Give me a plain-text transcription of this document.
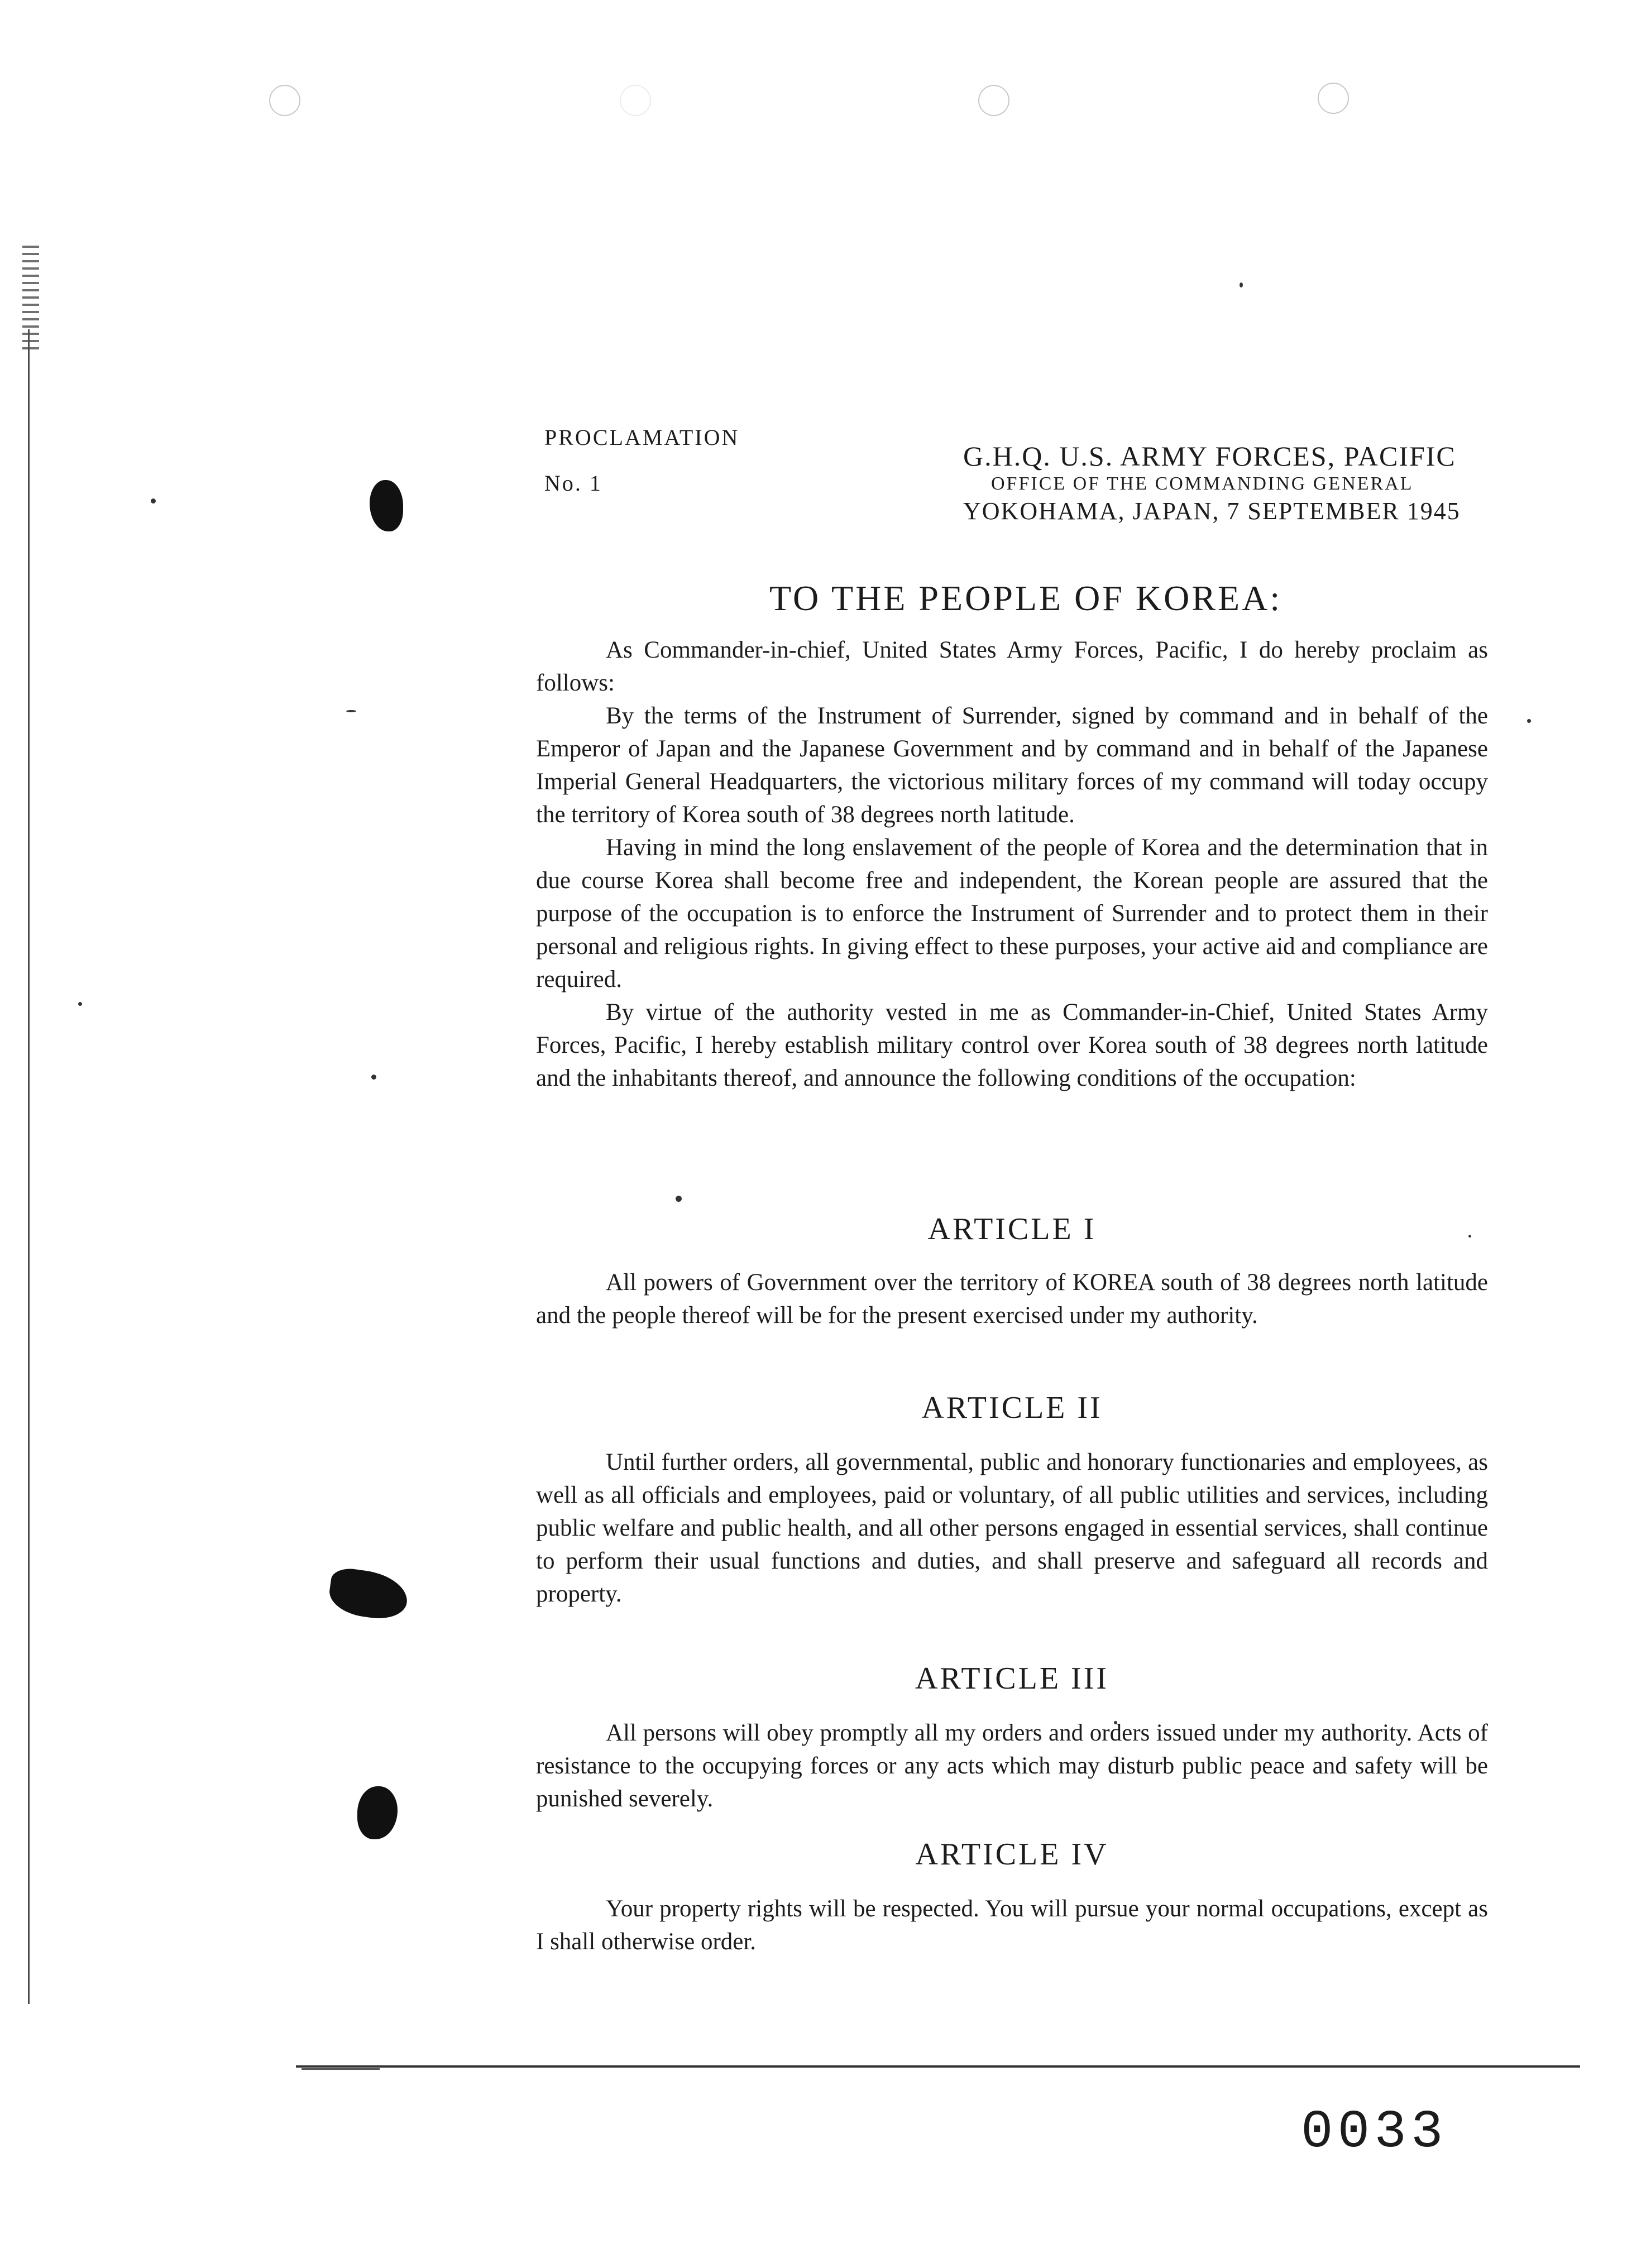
PROCLAMATION
No. 1
G.H.Q. U.S. ARMY FORCES, PACIFIC
OFFICE OF THE COMMANDING GENERAL
YOKOHAMA, JAPAN, 7 SEPTEMBER 1945
TO THE PEOPLE OF KOREA:

As Commander-in-chief, United States Army Forces, Pacific, I do hereby proclaim as follows:

By the terms of the Instrument of Surrender, signed by command and in behalf of the Emperor of Japan and the Japanese Government and by command and in behalf of the Japanese Imperial General Headquarters, the victorious military forces of my command will today occupy the territory of Korea south of 38 degrees north latitude.

Having in mind the long enslavement of the people of Korea and the determination that in due course Korea shall become free and independent, the Korean people are assured that the purpose of the occupation is to enforce the Instrument of Surrender and to protect them in their personal and religious rights. In giving effect to these purposes, your active aid and compliance are required.

By virtue of the authority vested in me as Commander-in-Chief, United States Army Forces, Pacific, I hereby establish military control over Korea south of 38 degrees north latitude and the inhabitants thereof, and announce the following conditions of the occupation:

ARTICLE I

All powers of Government over the territory of KOREA south of 38 degrees north latitude and the people thereof will be for the present exercised under my authority.

ARTICLE II

Until further orders, all governmental, public and honorary functionaries and employees, as well as all officials and employees, paid or voluntary, of all public utilities and services, including public welfare and public health, and all other persons engaged in essential services, shall continue to perform their usual functions and duties, and shall preserve and safeguard all records and property.

ARTICLE III

All persons will obey promptly all my orders and orders issued under my authority. Acts of resistance to the occupying forces or any acts which may disturb public peace and safety will be punished severely.

ARTICLE IV

Your property rights will be respected. You will pursue your normal occupations, except as I shall otherwise order.

0033
